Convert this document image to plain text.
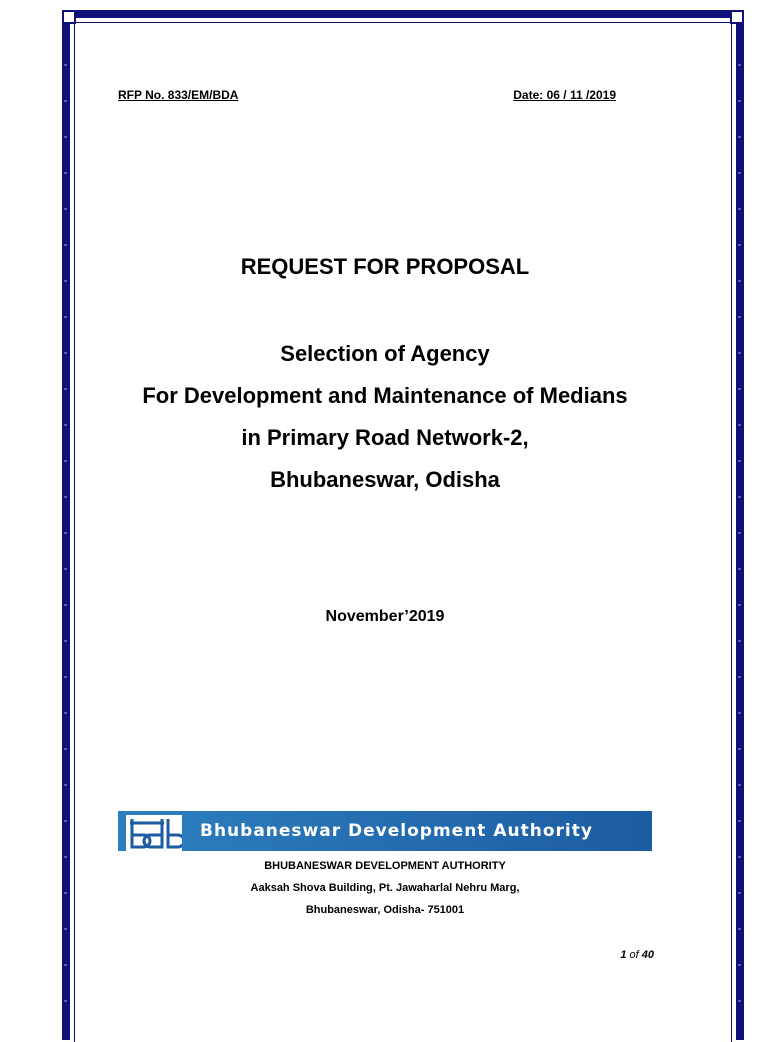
RFP No. 833/EM/BDA	Date: 06 / 11 /2019
REQUEST FOR PROPOSAL
Selection of Agency
For Development and Maintenance of Medians
in Primary Road Network-2,
Bhubaneswar, Odisha
November’2019
Bhubaneswar Development Authority
BHUBANESWAR DEVELOPMENT AUTHORITY
Aaksah Shova Building, Pt. Jawaharlal Nehru Marg,
Bhubaneswar, Odisha- 751001
1 of 40
